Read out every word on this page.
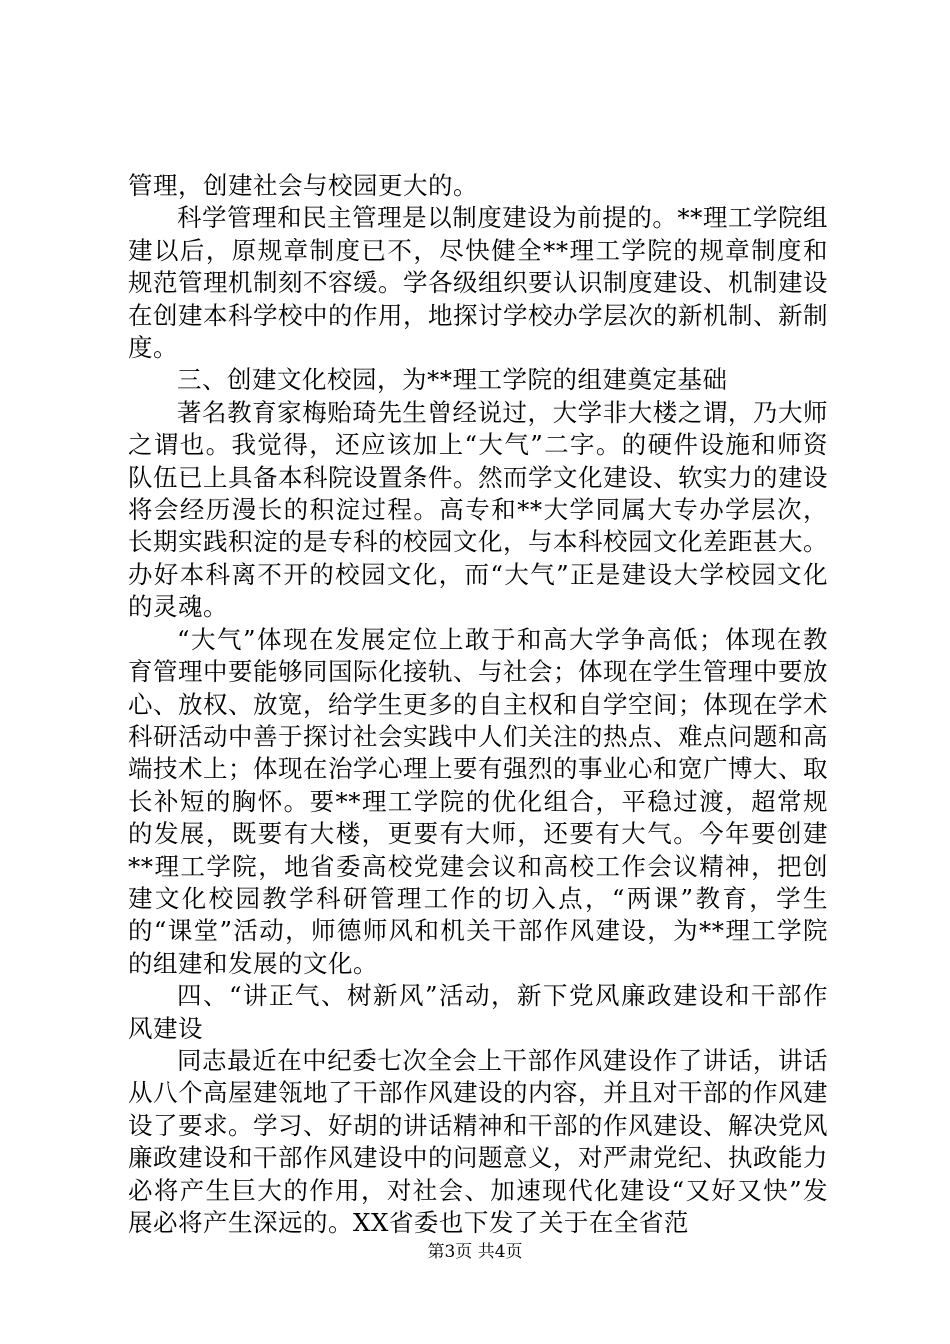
管理，创建社会与校园更大的。

科学管理和民主管理是以制度建设为前提的。**理工学院组建以后，原规章制度已不，尽快健全**理工学院的规章制度和规范管理机制刻不容缓。学各级组织要认识制度建设、机制建设在创建本科学校中的作用，地探讨学校办学层次的新机制、新制度。

三、创建文化校园，为**理工学院的组建奠定基础

著名教育家梅贻琦先生曾经说过，大学非大楼之谓，乃大师之谓也。我觉得，还应该加上“大气”二字。的硬件设施和师资队伍已上具备本科院设置条件。然而学文化建设、软实力的建设将会经历漫长的积淀过程。高专和**大学同属大专办学层次，长期实践积淀的是专科的校园文化，与本科校园文化差距甚大。办好本科离不开的校园文化，而“大气”正是建设大学校园文化的灵魂。

“大气”体现在发展定位上敢于和高大学争高低；体现在教育管理中要能够同国际化接轨、与社会；体现在学生管理中要放心、放权、放宽，给学生更多的自主权和自学空间；体现在学术科研活动中善于探讨社会实践中人们关注的热点、难点问题和高端技术上；体现在治学心理上要有强烈的事业心和宽广博大、取长补短的胸怀。要**理工学院的优化组合，平稳过渡，超常规的发展，既要有大楼，更要有大师，还要有大气。今年要创建**理工学院，地省委高校党建会议和高校工作会议精神，把创建文化校园教学科研管理工作的切入点，“两课”教育，学生的“课堂”活动，师德师风和机关干部作风建设，为**理工学院的组建和发展的文化。

四、“讲正气、树新风”活动，新下党风廉政建设和干部作风建设

同志最近在中纪委七次全会上干部作风建设作了讲话，讲话从八个高屋建瓴地了干部作风建设的内容，并且对干部的作风建设了要求。学习、好胡的讲话精神和干部的作风建设、解决党风廉政建设和干部作风建设中的问题意义，对严肃党纪、执政能力必将产生巨大的作用，对社会、加速现代化建设“又好又快”发展必将产生深远的。XX省委也下发了关于在全省范

第3页 共4页
